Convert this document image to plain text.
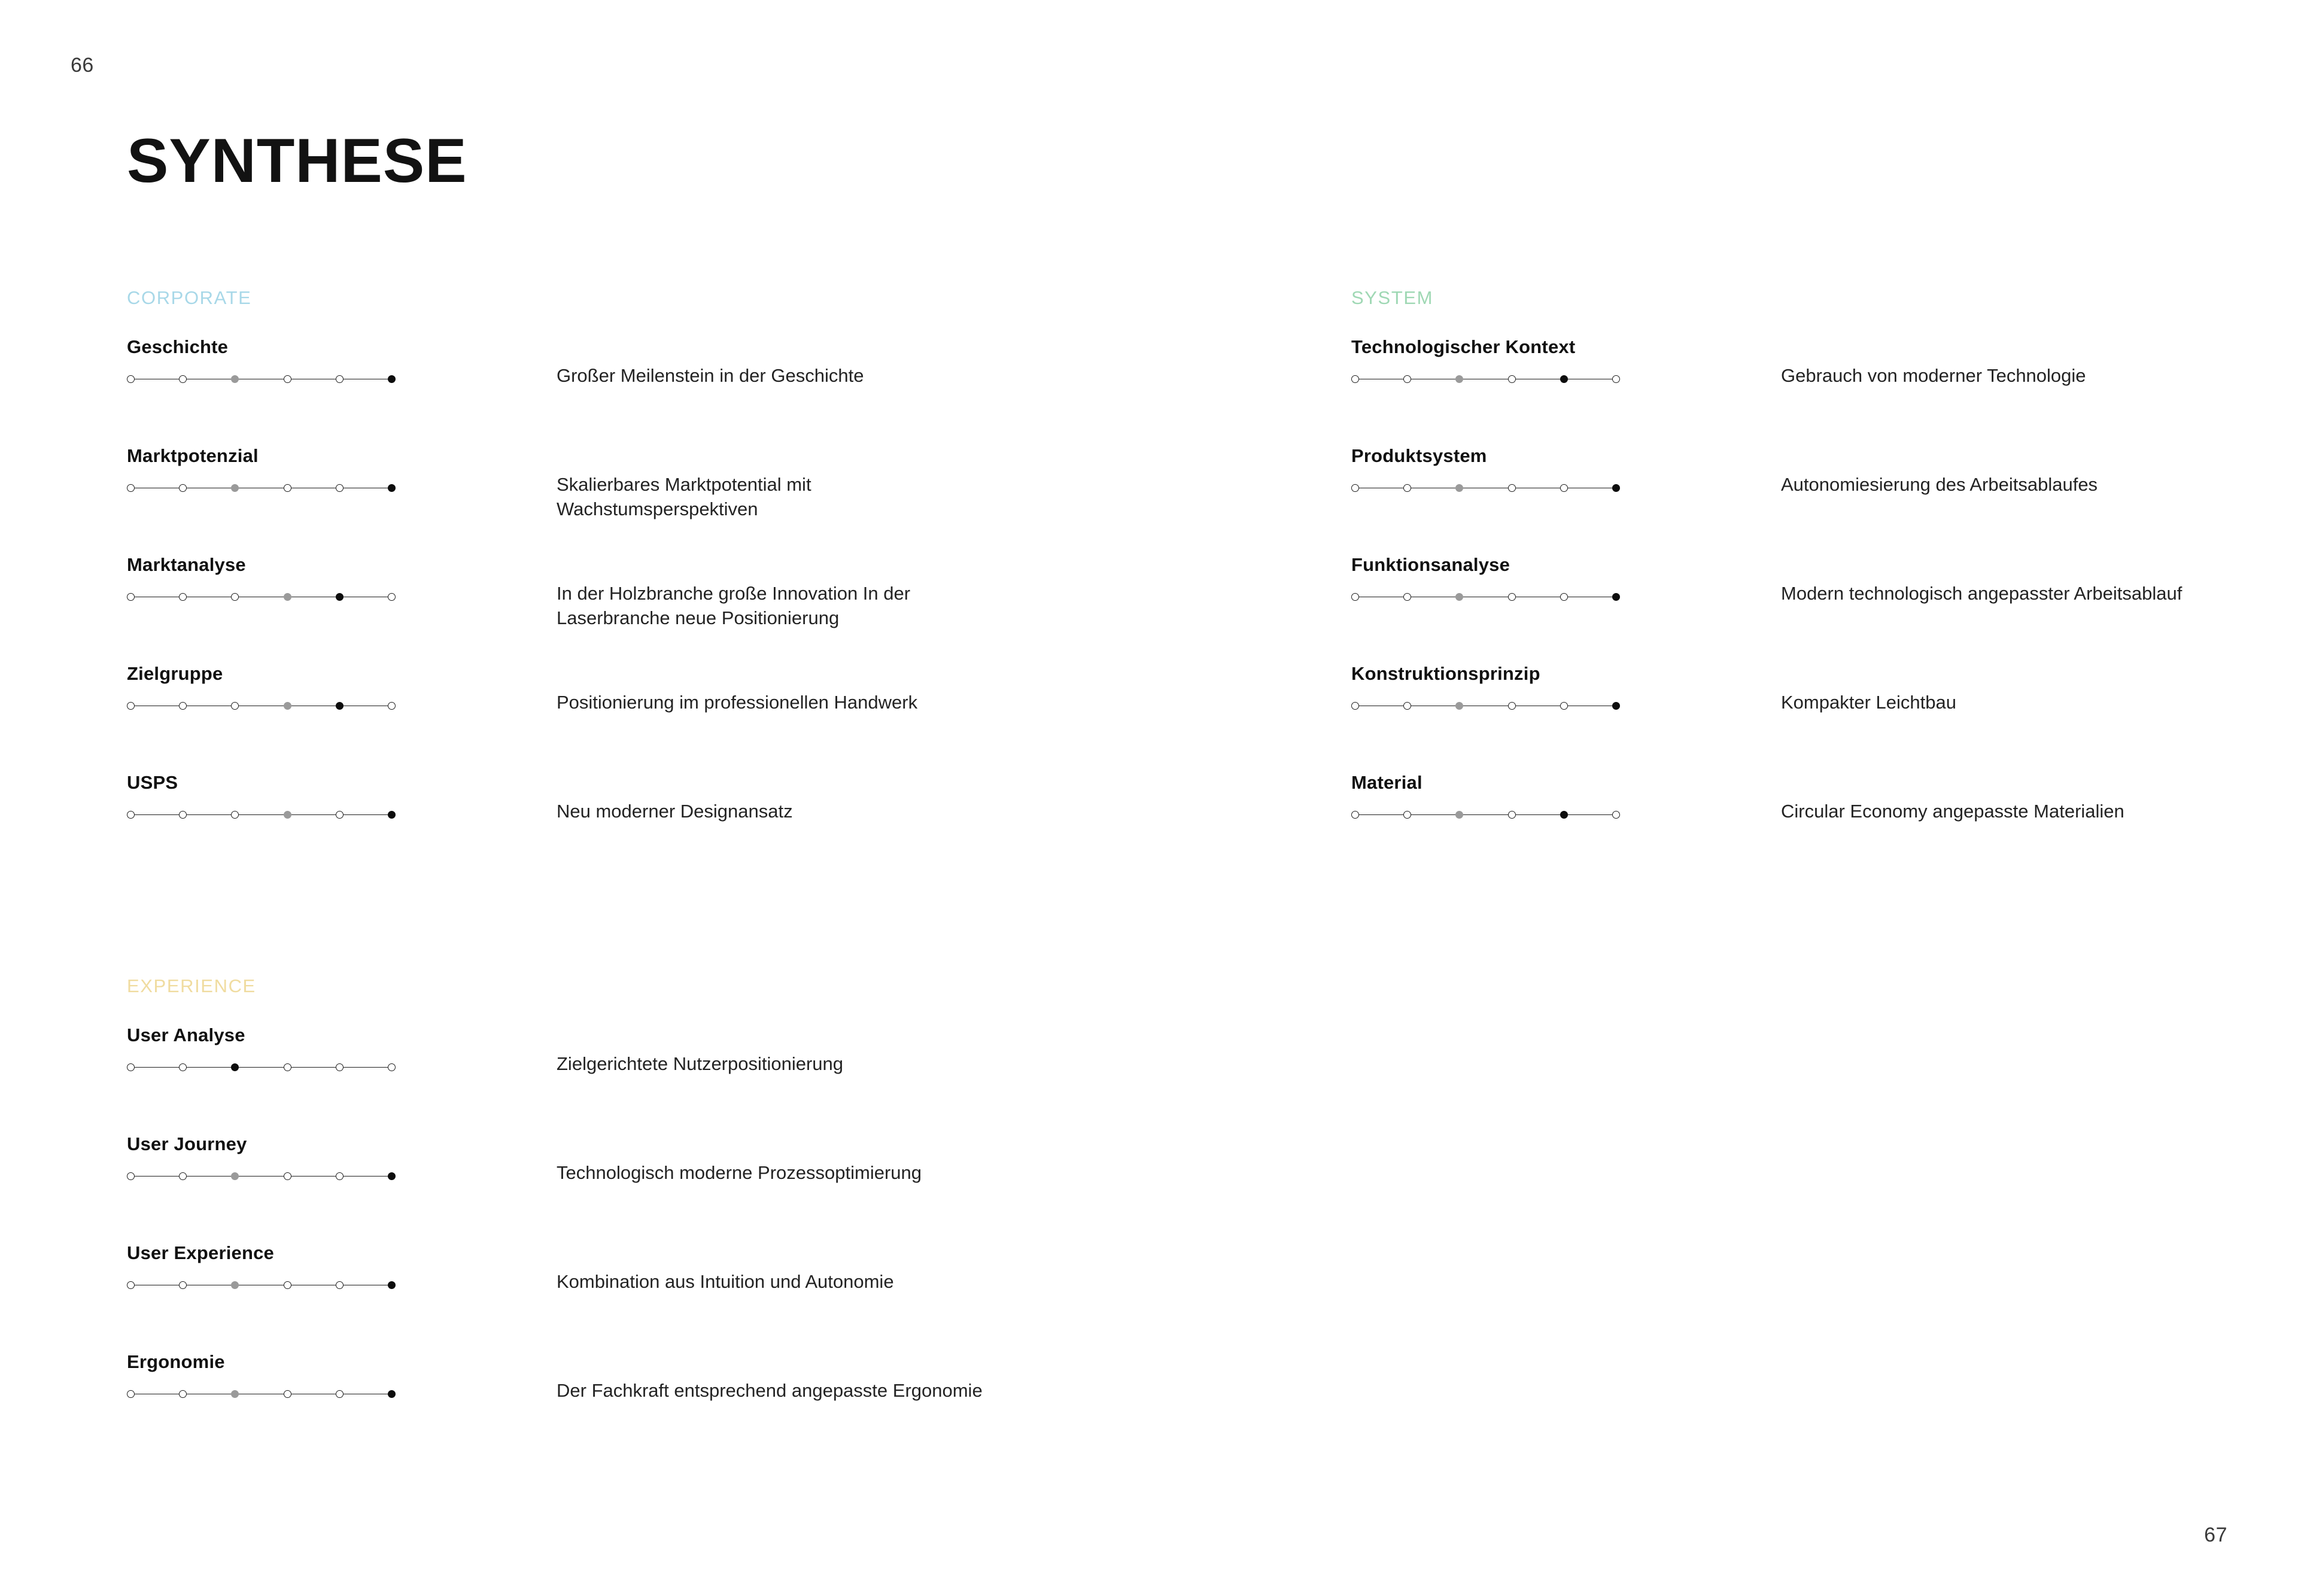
66
67
SYNTHESE
CORPORATE
Geschichte
Großer Meilenstein in der Geschichte
Marktpotenzial
Skalierbares Marktpotential mit Wachstumsperspektiven
Marktanalyse
In der Holzbranche große Innovation In der Laserbranche neue Positionierung
Zielgruppe
Positionierung im professionellen Handwerk
USPS
Neu moderner Designansatz
EXPERIENCE
User Analyse
Zielgerichtete Nutzerpositionierung
User Journey
Technologisch moderne Prozessoptimierung
User Experience
Kombination aus Intuition und Autonomie
Ergonomie
Der Fachkraft entsprechend angepasste Ergonomie
SYSTEM
Technologischer Kontext
Gebrauch von moderner Technologie
Produktsystem
Autonomiesierung des Arbeitsablaufes
Funktionsanalyse
Modern technologisch angepasster Arbeitsablauf
Konstruktionsprinzip
Kompakter Leichtbau
Material
Circular Economy angepasste Materialien
